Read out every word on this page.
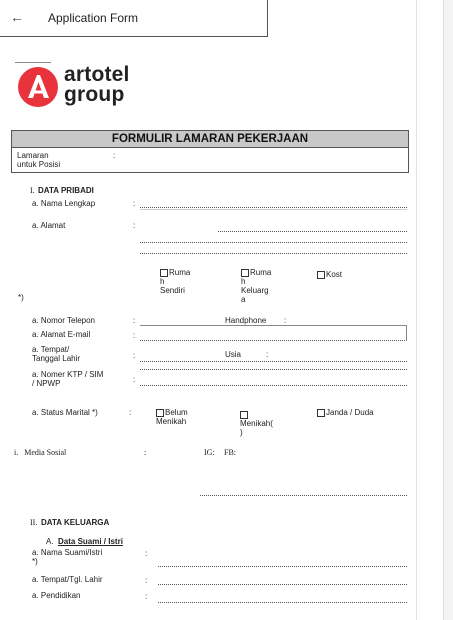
← Application Form
artotel
group
FORMULIR LAMARAN PEKERJAAN
Lamaran
untuk Posisi
:
I. DATA PRIBADI
a. Nama Lengkap	:
a. Alamat	:
Ruma
h
Sendiri
Ruma
h
Keluarg
a
Kost
*)
a. Nomor Telepon	:	Handphone :
a. Alamat E-mail	:
a. Tempat/
Tanggal Lahir	:	Usia	:
a. Nomer KTP / SIM
/ NPWP	:
a. Status Marital *)	:	Belum
Menikah	Menikah(
)
Janda / Duda
i.   Media Sosial	:	IG: FB:
II. DATA KELUARGA
A. Data Suami / Istri
a. Nama Suami/Istri
*)
:
a. Tempat/Tgl. Lahir	:
a. Pendidikan	:
